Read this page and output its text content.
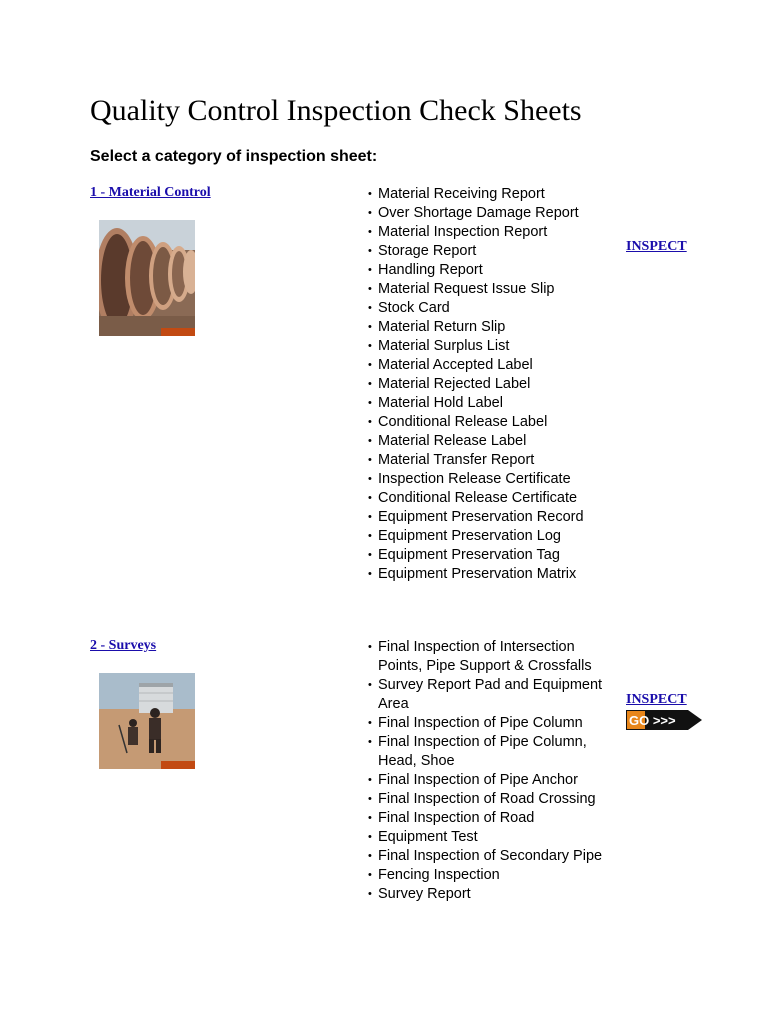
Quality Control Inspection Check Sheets

Select a category of inspection sheet:

1 - Material Control	• Material Receiving Report
• Over Shortage Damage Report
• Material Inspection Report
• Storage Report
• Handling Report
• Material Request Issue Slip
• Stock Card
• Material Return Slip
• Material Surplus List
• Material Accepted Label
• Material Rejected Label
• Material Hold Label
• Conditional Release Label
• Material Release Label
• Material Transfer Report
• Inspection Release Certificate
• Conditional Release Certificate
• Equipment Preservation Record
• Equipment Preservation Log
• Equipment Preservation Tag
• Equipment Preservation Matrix
INSPECT
2 - Surveys	• Final Inspection of Intersection Points, Pipe Support & Crossfalls
• Survey Report Pad and Equipment Area
• Final Inspection of Pipe Column
• Final Inspection of Pipe Column, Head, Shoe
• Final Inspection of Pipe Anchor
• Final Inspection of Road Crossing
• Final Inspection of Road
• Equipment Test
• Final Inspection of Secondary Pipe
• Fencing Inspection
• Survey Report
INSPECT
GO >>>
